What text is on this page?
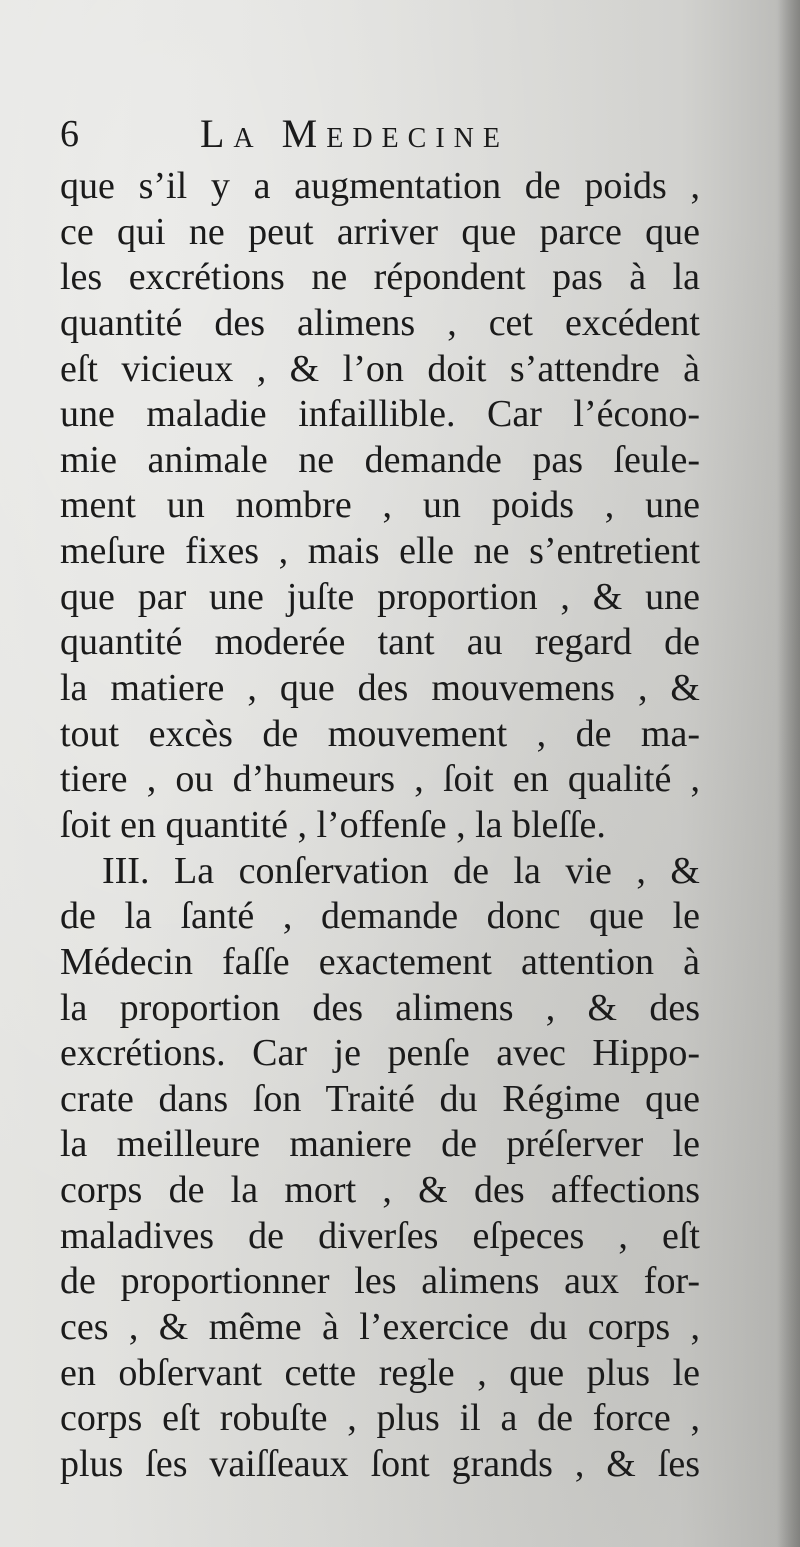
6	La Medecine
que s’il y a augmentation de poids ,
ce qui ne peut arriver que parce que
les excrétions ne répondent pas à la
quantité des alimens , cet excédent
eſt vicieux , & l’on doit s’attendre à
une maladie infaillible. Car l’écono-
mie animale ne demande pas ſeule-
ment un nombre , un poids , une
meſure fixes , mais elle ne s’entretient
que par une juſte proportion , & une
quantité moderée tant au regard de
la matiere , que des mouvemens , &
tout excès de mouvement , de ma-
tiere , ou d’humeurs , ſoit en qualité ,
ſoit en quantité , l’offenſe , la bleſſe.
III. La conſervation de la vie , &
de la ſanté , demande donc que le
Médecin faſſe exactement attention à
la proportion des alimens , & des
excrétions. Car je penſe avec Hippo-
crate dans ſon Traité du Régime que
la meilleure maniere de préſerver le
corps de la mort , & des affections
maladives de diverſes eſpeces , eſt
de proportionner les alimens aux for-
ces , & même à l’exercice du corps ,
en obſervant cette regle , que plus le
corps eſt robuſte , plus il a de force ,
plus ſes vaiſſeaux ſont grands , & ſes
